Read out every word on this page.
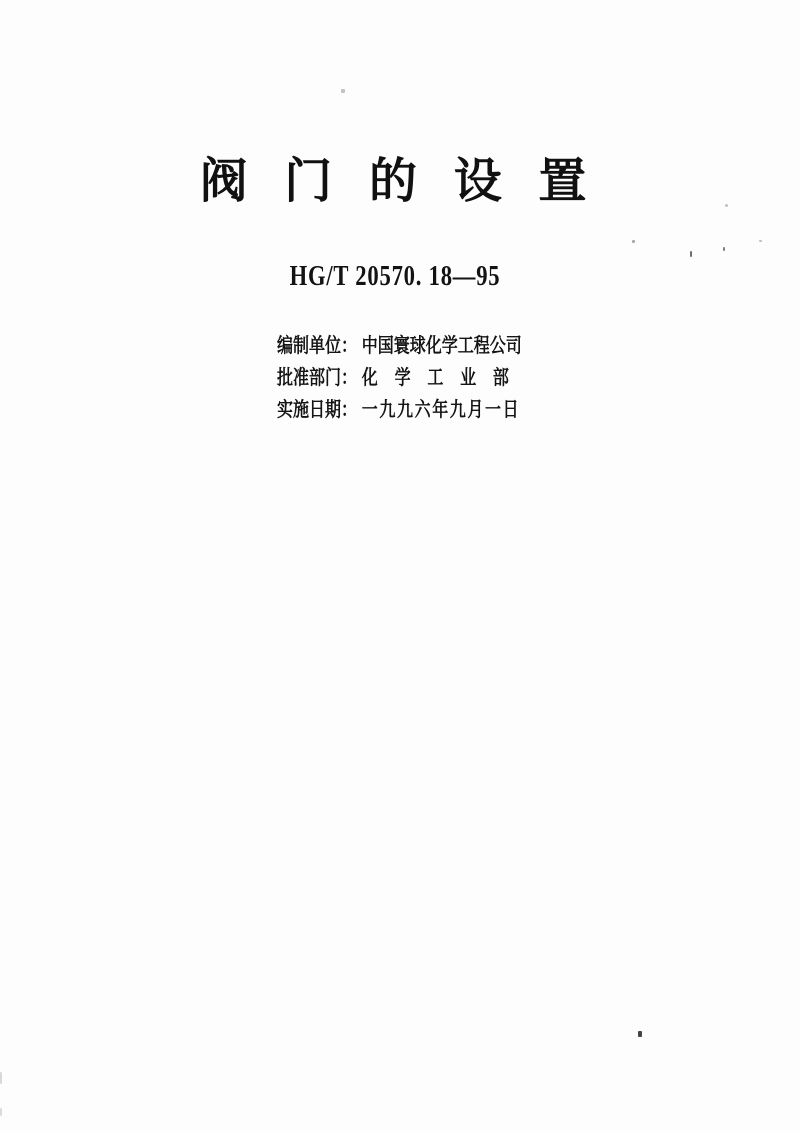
阀 门 的 设 置
HG/T 20570. 18—95
编制单位： 中国寰球化学工程公司
批准部门： 化 学 工 业 部
实施日期： 一九九六年九月一日
